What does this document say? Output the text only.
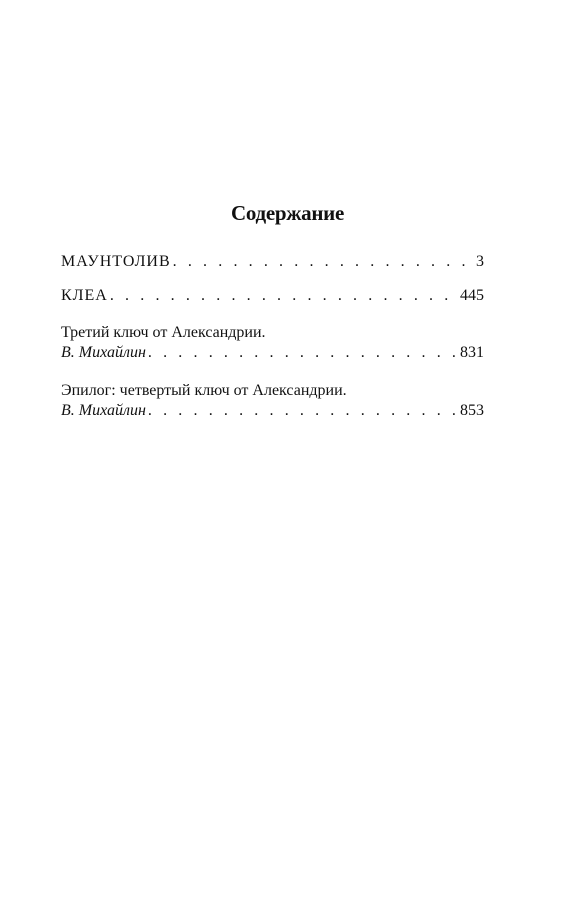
Содержание
МАУНТОЛИВ . . .	3
КЛЕА . . .	445
Третий ключ от Александрии.
В. Михайлин . . .	831
Эпилог: четвертый ключ от Александрии.
В. Михайлин . . .	853
